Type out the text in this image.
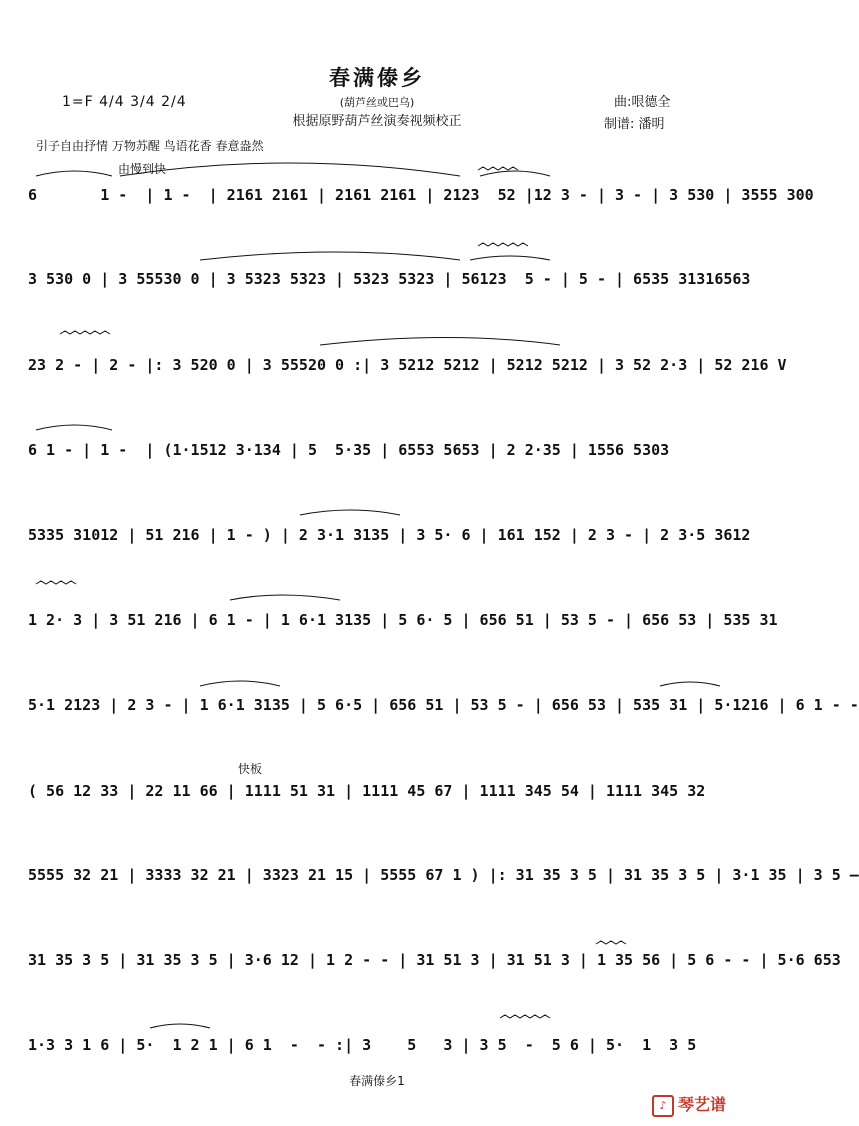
春满傣乡
(葫芦丝或巴乌)
根据原野葫芦丝演奏视频校正
1=F 4/4 3/4 2/4	曲:哏德全
制谱: 潘明
引子自由抒情 万物苏醒 鸟语花香 春意盎然
由慢到快
快板
6       1 -  | 1 -  | 2161 2161 | 2161 2161 | 2123  52 |12 3 - | 3 - | 3 530 | 3555 300
3 530 0 | 3 55530 0 | 3 5323 5323 | 5323 5323 | 56123  5 - | 5 - | 6535 31316563
23 2 - | 2 - |: 3 520 0 | 3 55520 0 :| 3 5212 5212 | 5212 5212 | 3 52 2·3 | 52 216 V
6 1 - | 1 -  | (1·1512 3·134 | 5  5·35 | 6553 5653 | 2 2·35 | 1556 5303
5335 31012 | 51 216 | 1 - ) | 2 3·1 3135 | 3 5· 6 | 161 152 | 2 3 - | 2 3·5 3612
1 2· 3 | 3 51 216 | 6 1 - | 1 6·1 3135 | 5 6· 5 | 656 51 | 53 5 - | 656 53 | 535 31
5·1 2123 | 2 3 - | 1 6·1 3135 | 5 6·5 | 656 51 | 53 5 - | 656 53 | 535 31 | 5·1216 | 6 1 - -
( 56 12 33 | 22 11 66 | 1111 51 31 | 1111 45 67 | 1111 345 54 | 1111 345 32
5555 32 21 | 3333 32 21 | 3323 21 15 | 5555 67 1 ) |: 31 35 3 5 | 31 35 3 5 | 3·1 35 | 3 5 —
31 35 3 5 | 31 35 3 5 | 3·6 12 | 1 2 - - | 31 51 3 | 31 51 3 | 1 35 56 | 5 6 - - | 5·6 653
1·3 3 1 6 | 5·  1 2 1 | 6 1  -  - :| 3    5   3 | 3 5  -  5 6 | 5·  1  3 5
春满傣乡1
♪ 琴艺谱
